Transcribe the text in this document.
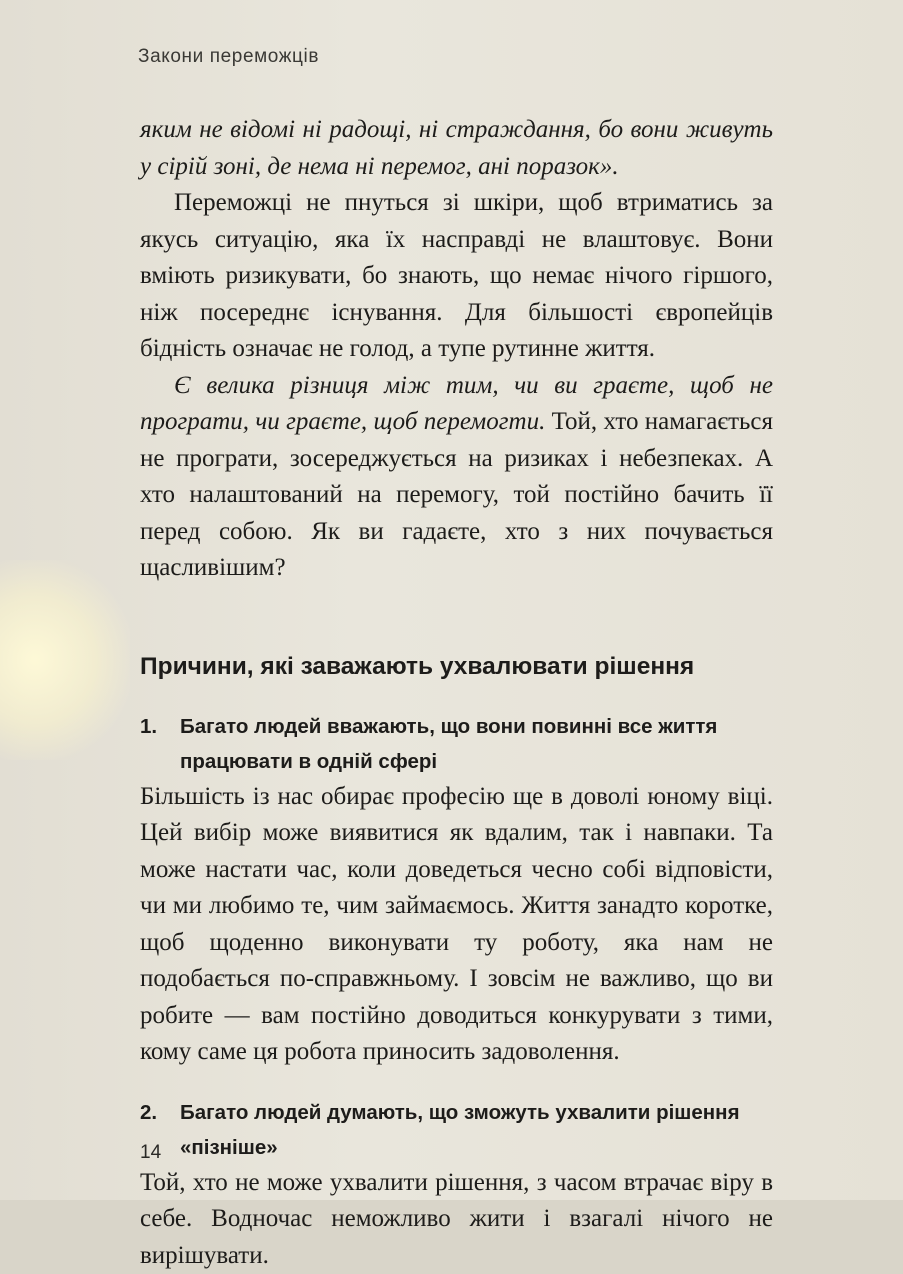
Закони переможців

яким не відомі ні радощі, ні страждання, бо вони живуть у сірій зоні, де нема ні перемог, ані поразок».

Переможці не пнуться зі шкіри, щоб втриматись за якусь ситуацію, яка їх насправді не влаштовує. Вони вміють ризикувати, бо знають, що немає нічого гіршого, ніж посереднє існування. Для більшості європейців бідність означає не голод, а тупе рутинне життя.

Є велика різниця між тим, чи ви граєте, щоб не програти, чи граєте, щоб перемогти. Той, хто намагається не програти, зосереджується на ризиках і небезпеках. А хто налаштований на перемогу, той постійно бачить її перед собою. Як ви гадаєте, хто з них почувається щасливішим?

Причини, які заважають ухвалювати рішення
1.	Багато людей вважають, що вони повинні все життя працювати в одній сфері

Більшість із нас обирає професію ще в доволі юному віці. Цей вибір може виявитися як вдалим, так і навпаки. Та може настати час, коли доведеться чесно собі відповісти, чи ми любимо те, чим займаємось. Життя занадто коротке, щоб щоденно виконувати ту роботу, яка нам не подобається по-справжньому. І зовсім не важливо, що ви робите — вам постійно доводиться конкурувати з тими, кому саме ця робота приносить задоволення.

2.	Багато людей думають, що зможуть ухвалити рішення «пізніше»

Той, хто не може ухвалити рішення, з часом втрачає віру в себе. Водночас неможливо жити і взагалі нічого не вирішувати.

14
